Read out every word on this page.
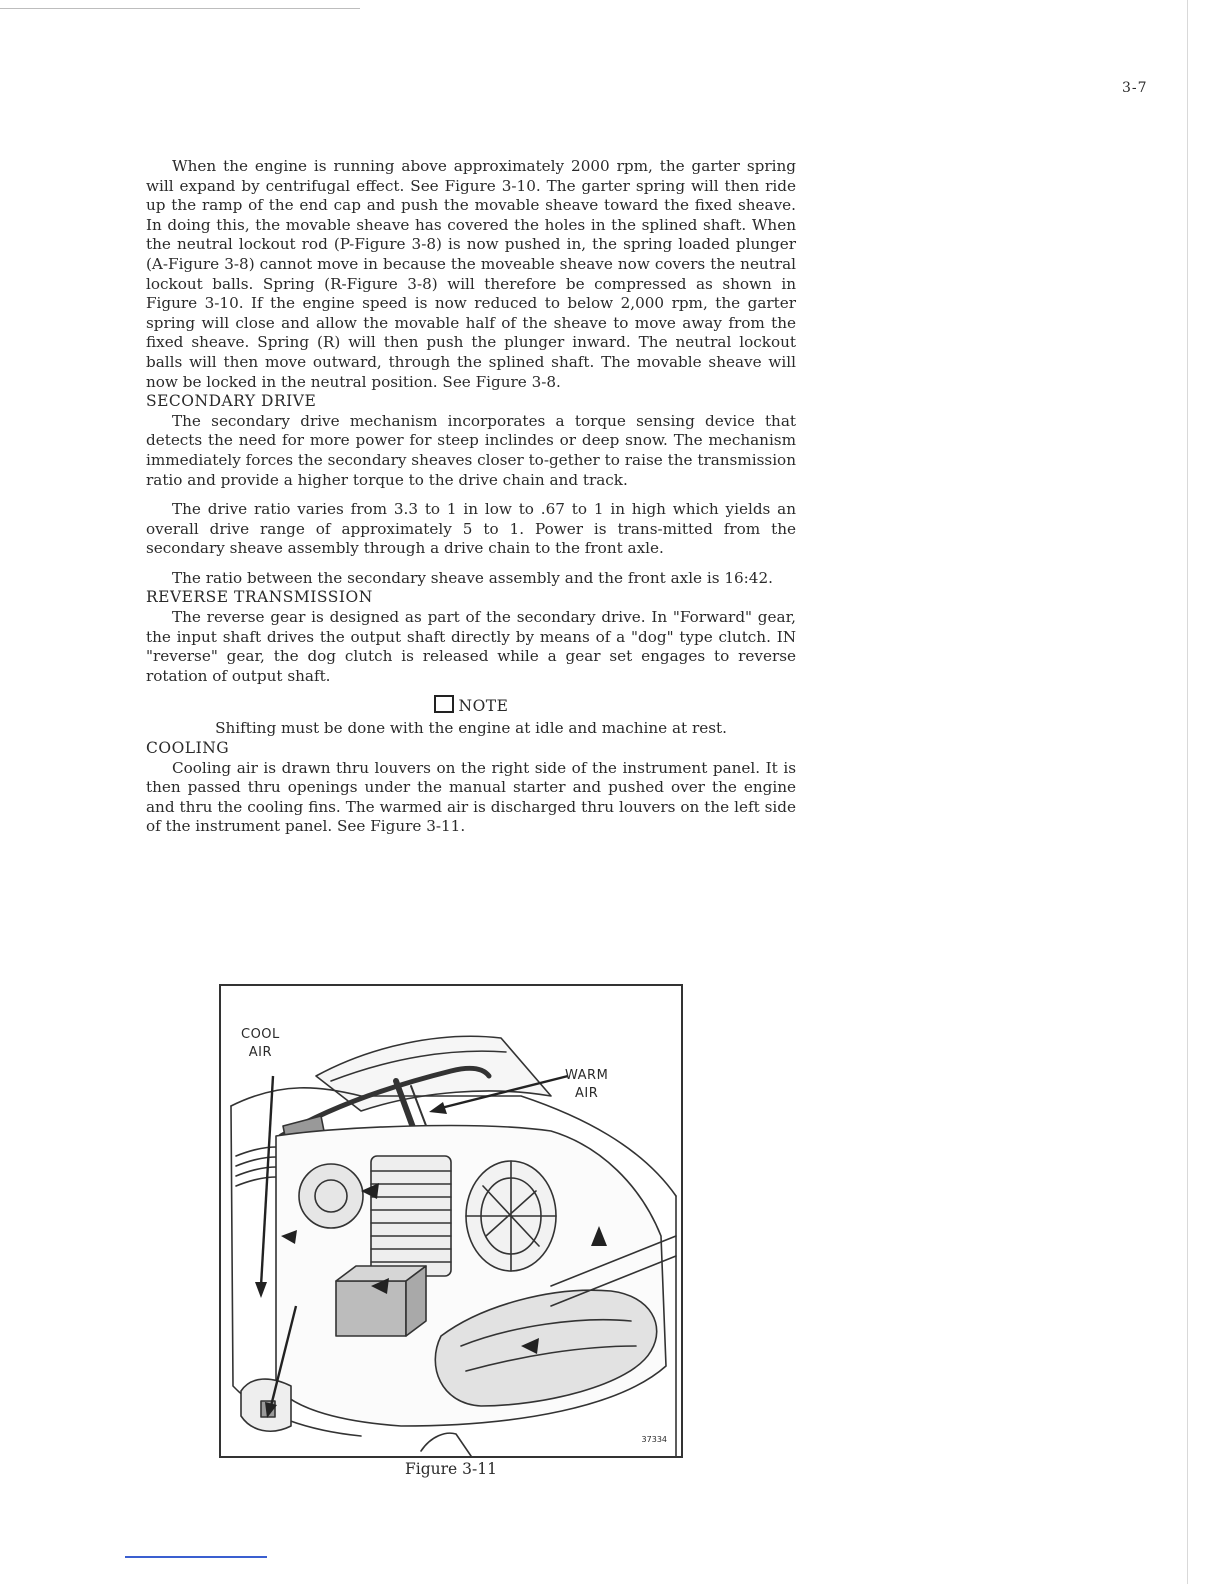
3-7

When the engine is running above approximately 2000 rpm, the garter spring will expand by centrifugal effect. See Figure 3-10. The garter spring will then ride up the ramp of the end cap and push the movable sheave toward the fixed sheave. In doing this, the movable sheave has covered the holes in the splined shaft. When the neutral lockout rod (P-Figure 3-8) is now pushed in, the spring loaded plunger (A-Figure 3-8) cannot move in because the moveable sheave now covers the neutral lockout balls. Spring (R-Figure 3-8) will therefore be compressed as shown in Figure 3-10. If the engine speed is now reduced to below 2,000 rpm, the garter spring will close and allow the movable half of the sheave to move away from the fixed sheave. Spring (R) will then push the plunger inward. The neutral lockout balls will then move outward, through the splined shaft. The movable sheave will now be locked in the neutral position. See Figure 3-8.

SECONDARY DRIVE

The secondary drive mechanism incorporates a torque sensing device that detects the need for more power for steep inclindes or deep snow. The mechanism immediately forces the secondary sheaves closer to-gether to raise the transmission ratio and provide a higher torque to the drive chain and track.

The drive ratio varies from 3.3 to 1 in low to .67 to 1 in high which yields an overall drive range of approximately 5 to 1. Power is trans-mitted from the secondary sheave assembly through a drive chain to the front axle.

The ratio between the secondary sheave assembly and the front axle is 16:42.

REVERSE TRANSMISSION

The reverse gear is designed as part of the secondary drive. In "Forward" gear, the input shaft drives the output shaft directly by means of a "dog" type clutch. IN "reverse" gear, the dog clutch is released while a gear set engages to reverse rotation of output shaft.

NOTE

Shifting must be done with the engine at idle and machine at rest.

COOLING

Cooling air is drawn thru louvers on the right side of the instrument panel. It is then passed thru openings under the manual starter and pushed over the engine and thru the cooling fins. The warmed air is discharged thru louvers on the left side of the instrument panel. See Figure 3-11.

COOL
AIR
WARM
AIR
37334
Figure 3-11
